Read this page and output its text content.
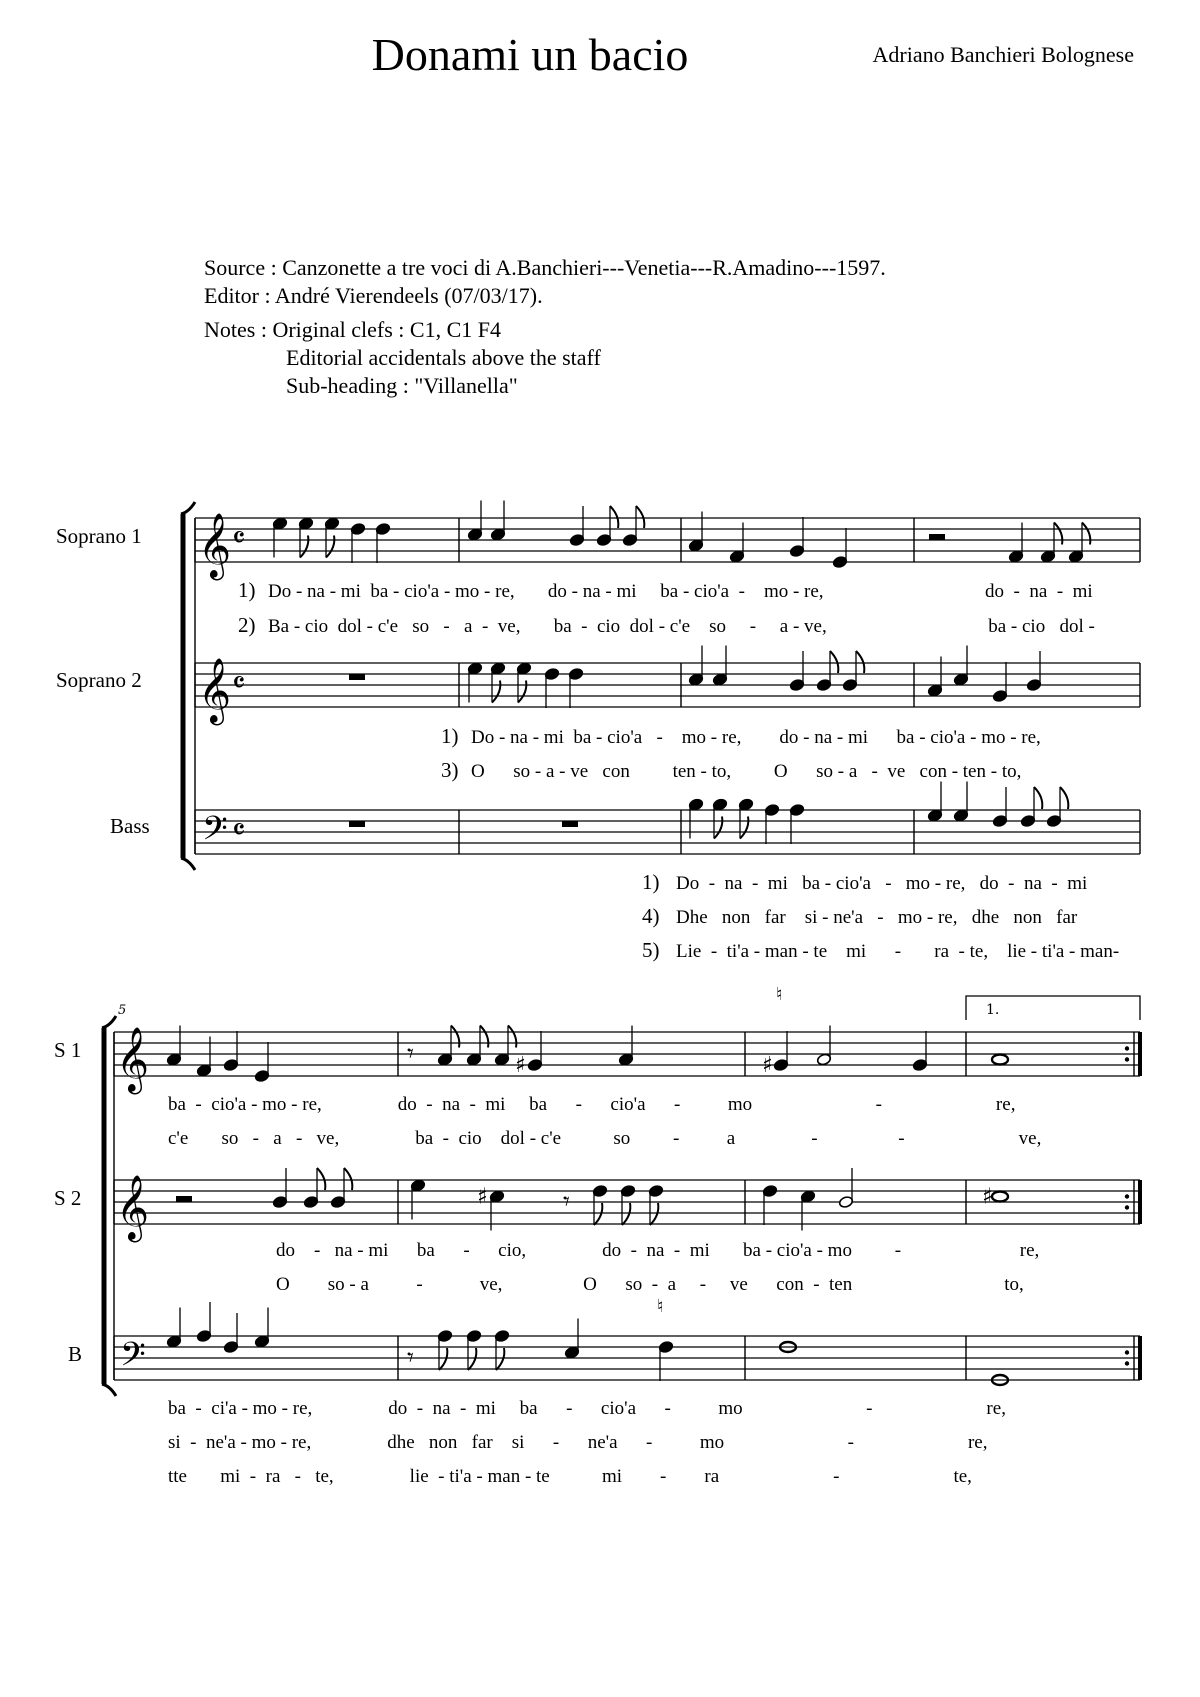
Donami un bacio	Adriano Banchieri Bolognese
Source : Canzonette a tre voci di A.Banchieri---Venetia---R.Amadino---1597.
Editor : André Vierendeels (07/03/17).

Notes : Original clefs : C1, C1 F4
Editorial accidentals above the staff
Sub-heading : "Villanella"
𝄞 𝄴
𝄞 𝄴
𝄢 𝄴
𝄞
𝄞
𝄢
5	1.
𝄾	♯	♯
♮
♯	𝄾	♯
𝄾
♮
Soprano 1
Soprano 2
Bass
1) Do - na - mi  ba - cio'a - mo - re,       do - na - mi     ba - cio'a  -    mo - re,                                  do  -  na  -  mi
2) Ba - cio  dol - c'e   so   -   a  -  ve,       ba  -  cio  dol - c'e    so     -     a - ve,                                  ba - cio   dol -
1) Do - na - mi  ba - cio'a   -    mo - re,        do - na - mi      ba - cio'a - mo - re,
3) O      so - a - ve   con         ten - to,         O      so - a   -  ve   con - ten - to,
1) Do  -  na  -  mi   ba - cio'a   -   mo - re,   do  -  na  -  mi
4) Dhe   non   far    si - ne'a   -   mo - re,   dhe   non   far
5) Lie  -  ti'a - man - te    mi      -       ra  - te,    lie - ti'a - man-
S 1
S 2
B
ba  -  cio'a - mo - re,                do  -  na  -  mi     ba      -      cio'a      -          mo                          -                        re,
c'e       so   -   a   -   ve,                ba  -  cio    dol - c'e           so         -          a                -                 -                        ve,
do    -   na - mi      ba      -      cio,                do  -  na  -  mi       ba - cio'a - mo         -                         re,
O        so - a          -            ve,                 O      so  -  a     -     ve      con  -  ten                                to,
ba  -  ci'a - mo - re,                do  -  na  -  mi     ba      -      cio'a      -          mo                          -                        re,
si  -  ne'a - mo - re,                dhe   non   far    si      -      ne'a      -          mo                          -                        re,
tte       mi  -  ra   -   te,                lie  - ti'a - man - te           mi        -        ra                        -                        te,
